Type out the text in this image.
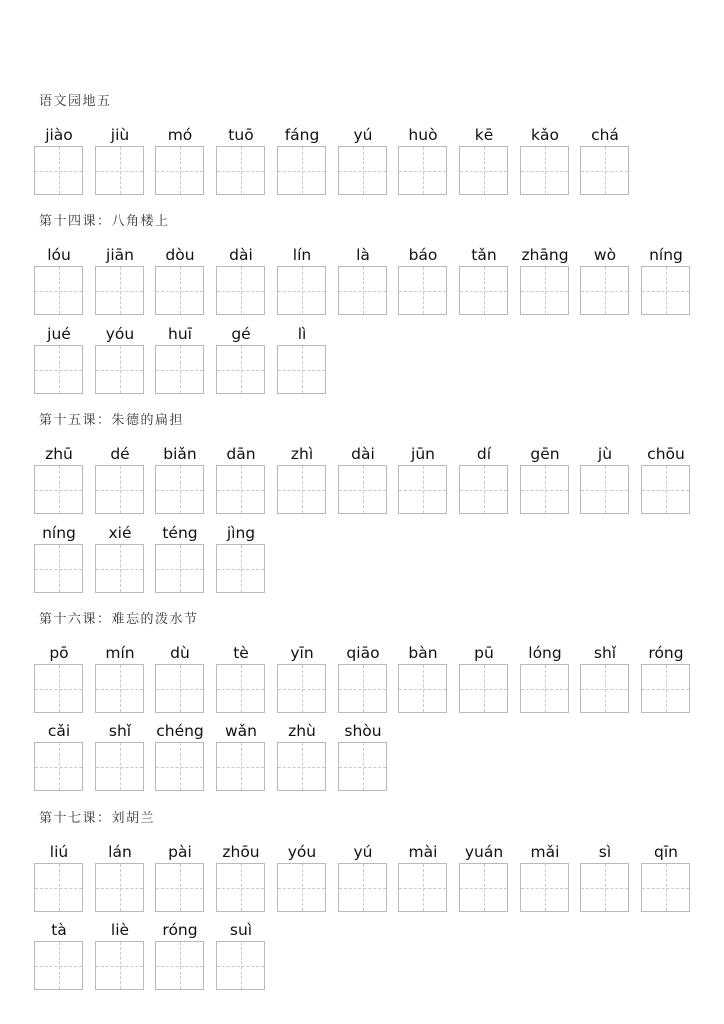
语文园地五
jiào	jiù	mó	tuō	fáng	yú	huò	kē	kǎo	chá
第十四课：八角楼上
lóu	jiān	dòu	dài	lín	là	báo	tǎn	zhāng	wò	níng
jué	yóu	huī	gé	lì
第十五课：朱德的扁担
zhū	dé	biǎn	dān	zhì	dài	jūn	dí	gēn	jù	chōu
níng	xié	téng	jìng
第十六课：难忘的泼水节
pō	mín	dù	tè	yīn	qiāo	bàn	pū	lóng	shǐ	róng
cǎi	shǐ	chéng	wǎn	zhù	shòu
第十七课：刘胡兰
liú	lán	pài	zhōu	yóu	yú	mài	yuán	mǎi	sì	qīn
tà	liè	róng	suì
